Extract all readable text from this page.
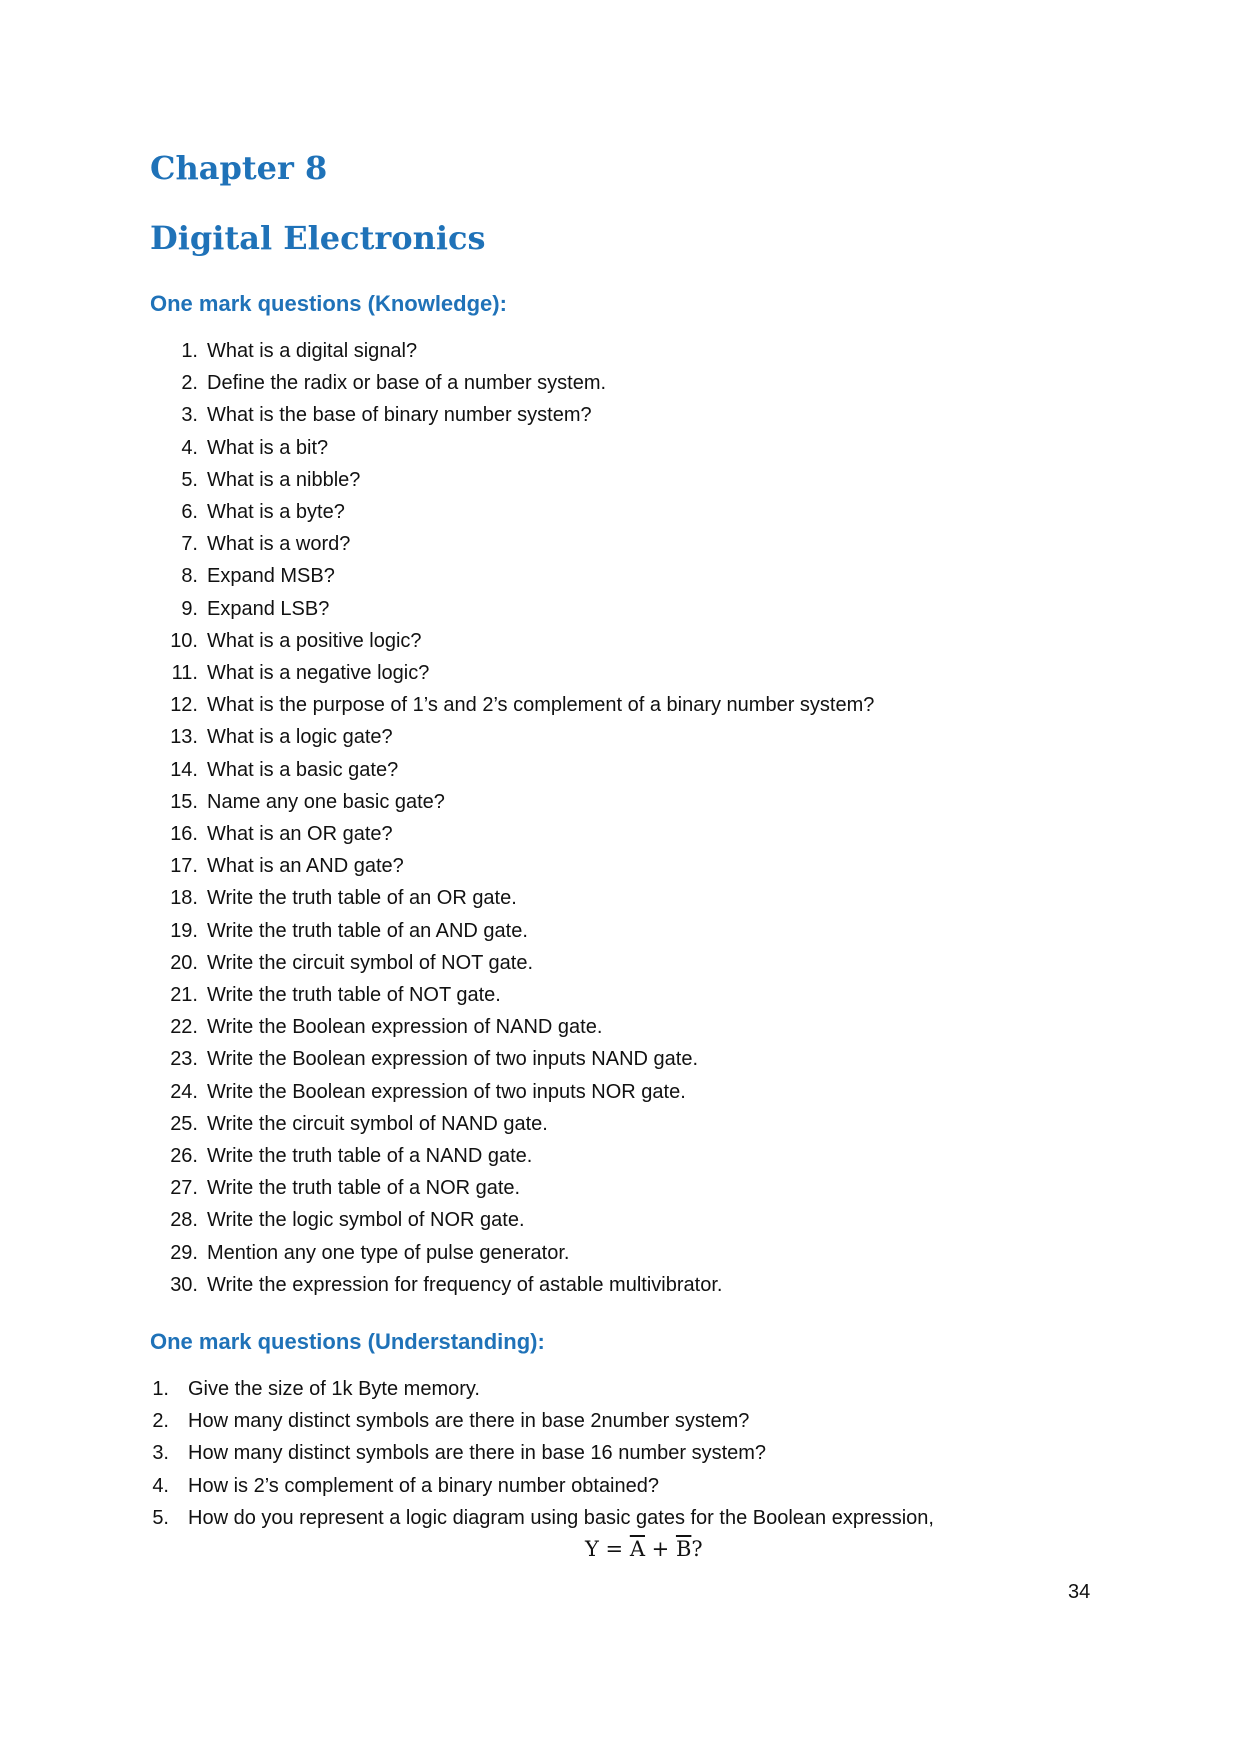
Chapter 8
Digital Electronics
One mark questions (Knowledge):
1. What is a digital signal?
2. Define the radix or base of a number system.
3. What is the base of binary number system?
4. What is a bit?
5. What is a nibble?
6. What is a byte?
7. What is a word?
8. Expand MSB?
9. Expand LSB?
10. What is a positive logic?
11. What is a negative logic?
12. What is the purpose of 1’s and 2’s complement of a binary number system?
13. What is a logic gate?
14. What is a basic gate?
15. Name any one basic gate?
16. What is an OR gate?
17. What is an AND gate?
18. Write the truth table of an OR gate.
19. Write the truth table of an AND gate.
20. Write the circuit symbol of NOT gate.
21. Write the truth table of NOT gate.
22. Write the Boolean expression of NAND gate.
23. Write the Boolean expression of two inputs NAND gate.
24. Write the Boolean expression of two inputs NOR gate.
25. Write the circuit symbol of NAND gate.
26. Write the truth table of a NAND gate.
27. Write the truth table of a NOR gate.
28. Write the logic symbol of NOR gate.
29. Mention any one type of pulse generator.
30. Write the expression for frequency of astable multivibrator.
One mark questions (Understanding):
1. Give the size of 1k Byte memory.
2. How many distinct symbols are there in base 2number system?
3. How many distinct symbols are there in base 16 number system?
4. How is 2’s complement of a binary number obtained?
5. How do you represent a logic diagram using basic gates for the Boolean expression,

$Y = \overline{A} + \overline{B}$?

34
